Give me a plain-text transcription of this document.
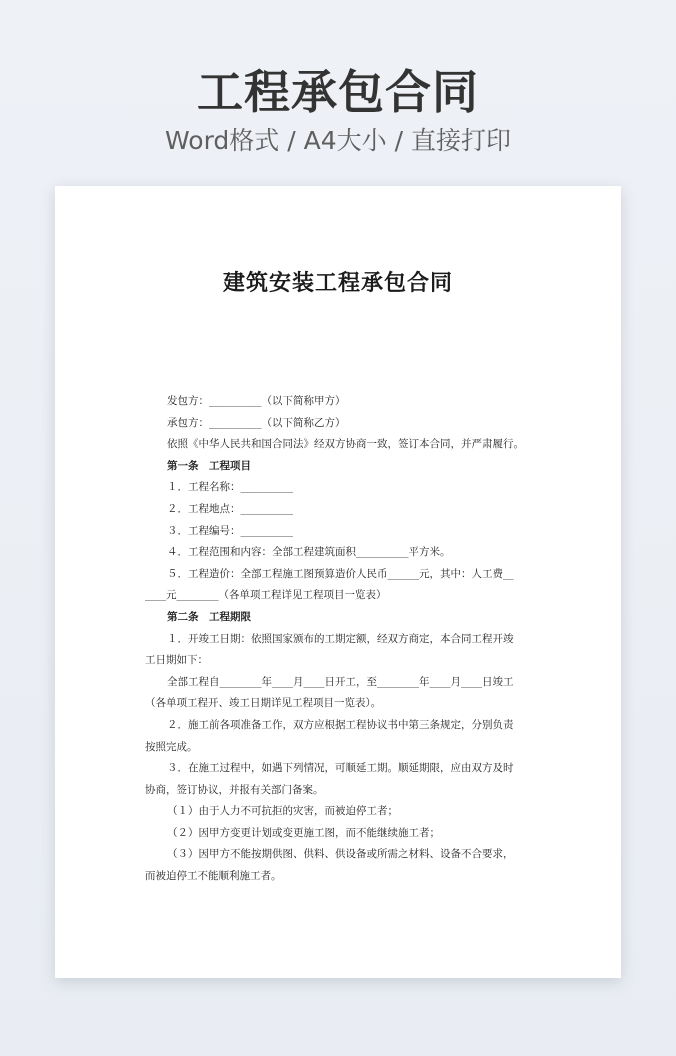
工程承包合同
Word格式 / A4大小 / 直接打印
建筑安装工程承包合同
发包方：__________（以下简称甲方）
承包方：__________（以下简称乙方）
依照《中华人民共和国合同法》经双方协商一致，签订本合同，并严肃履行。
第一条　工程项目
１．工程名称：__________
２．工程地点：__________
３．工程编号：__________
４．工程范围和内容：全部工程建筑面积__________平方米。
５．工程造价：全部工程施工图预算造价人民币______元，其中：人工费__
____元________（各单项工程详见工程项目一览表）
第二条　工程期限
１．开竣工日期：依照国家颁布的工期定额，经双方商定，本合同工程开竣
工日期如下：
全部工程自________年____月____日开工，至________年____月____日竣工
（各单项工程开、竣工日期详见工程项目一览表）。
２．施工前各项准备工作，双方应根据工程协议书中第三条规定，分别负责
按照完成。
３．在施工过程中，如遇下列情况，可顺延工期。顺延期限，应由双方及时
协商，签订协议，并报有关部门备案。
（１）由于人力不可抗拒的灾害，而被迫停工者；
（２）因甲方变更计划或变更施工图，而不能继续施工者；
（３）因甲方不能按期供图、供料、供设备或所需之材料、设备不合要求，
而被迫停工不能顺利施工者。
